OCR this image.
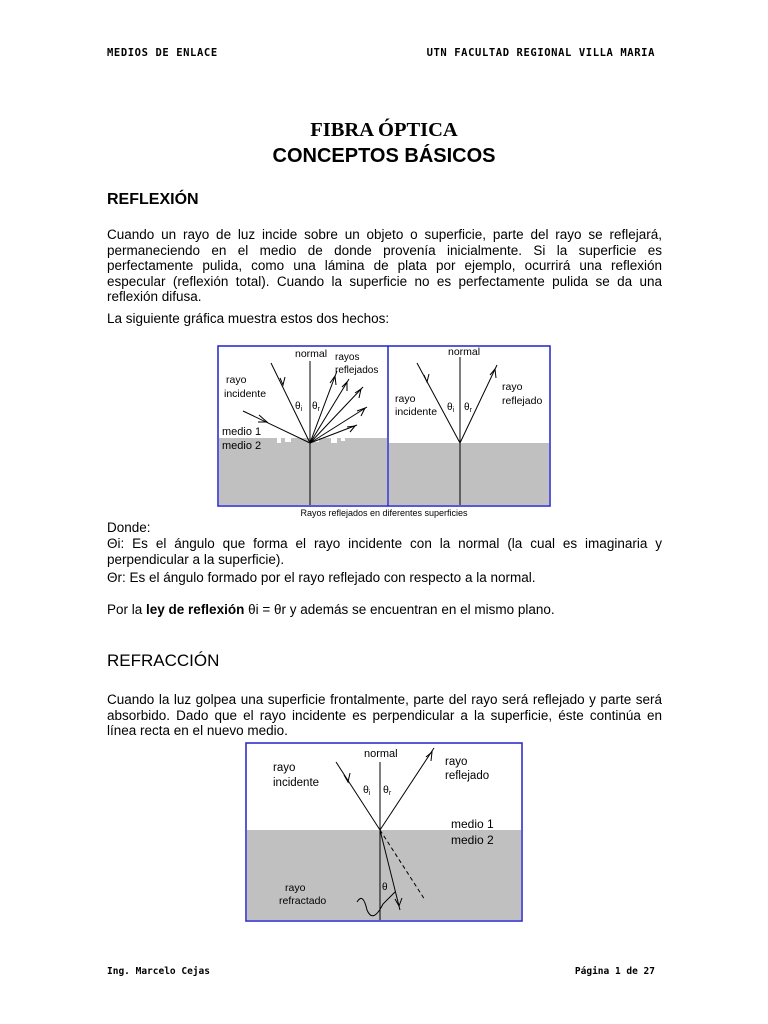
MEDIOS DE ENLACE	UTN FACULTAD REGIONAL VILLA MARIA
FIBRA ÓPTICA
CONCEPTOS BÁSICOS
REFLEXIÓN
Cuando un rayo de luz incide sobre un objeto o superficie, parte del rayo se reflejará, permaneciendo en el medio de donde provenía inicialmente. Si la superficie es perfectamente pulida, como una lámina de plata por ejemplo, ocurrirá una reflexión especular (reflexión total). Cuando la superficie no es perfectamente pulida se da una reflexión difusa.
La siguiente gráfica muestra estos dos hechos:
normal rayos
reflejados
rayo
incidente
medio 1
medio 2
$\theta_i$ $\theta_r$
normal
rayo
incidente
rayo
reflejado
$\theta_i$ $\theta_r$
Rayos reflejados en diferentes superficies
Donde:
Θi: Es el ángulo que forma el rayo incidente con la normal (la cual es imaginaria y perpendicular a la superficie).
Θr: Es el ángulo formado por el rayo reflejado con respecto a la normal.
Por la ley de reflexión θi = θr y además se encuentran en el mismo plano.
REFRACCIÓN
Cuando la luz golpea una superficie frontalmente, parte del rayo será reflejado y parte será absorbido. Dado que el rayo incidente es perpendicular a la superficie, éste continúa en línea recta en el nuevo medio.
normal
rayo
incidente
rayo
reflejado
medio 1
medio 2
rayo
refractado
θi θr
θ
Ing. Marcelo Cejas	Página 1 de 27
